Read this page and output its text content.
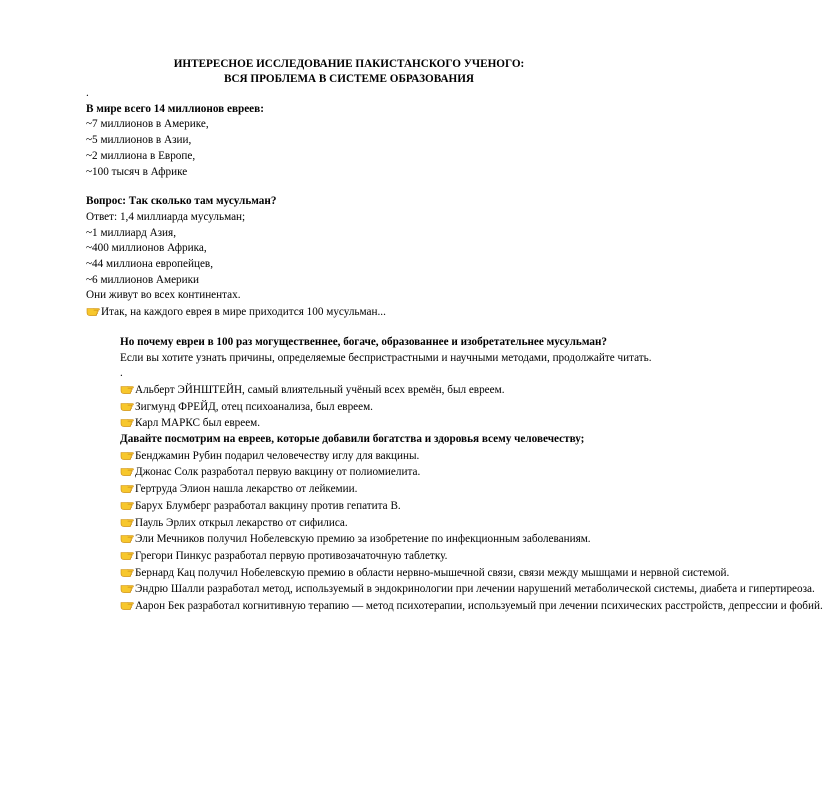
ИНТЕРЕСНОЕ ИССЛЕДОВАНИЕ ПАКИСТАНСКОГО УЧЕНОГО:
ВСЯ ПРОБЛЕМА В СИСТЕМЕ ОБРАЗОВАНИЯ
.
В мире всего 14 миллионов евреев:
~7 миллионов в Америке,
~5 миллионов в Азии,
~2 миллиона в Европе,
~100 тысяч в Африке
Вопрос: Так сколько там мусульман?
Ответ: 1,4 миллиарда мусульман;
~1 миллиард Азия,
~400 миллионов Африка,
~44 миллиона европейцев,
~6 миллионов Америки
Они живут во всех континентах.
Итак, на каждого еврея в мире приходится 100 мусульман...
Но почему евреи в 100 раз могущественнее, богаче, образованнее и изобретательнее мусульман?
Если вы хотите узнать причины, определяемые беспристрастными и научными методами, продолжайте читать.
.
Альберт ЭЙНШТЕЙН, самый влиятельный учёный всех времён, был евреем.
Зигмунд ФРЕЙД, отец психоанализа, был евреем.
Карл МАРКС был евреем.
Давайте посмотрим на евреев, которые добавили богатства и здоровья всему человечеству;
Бенджамин Рубин подарил человечеству иглу для вакцины.
Джонас Солк разработал первую вакцину от полиомиелита.
Гертруда Элион нашла лекарство от лейкемии.
Барух Блумберг разработал вакцину против гепатита B.
Пауль Эрлих открыл лекарство от сифилиса.
Эли Мечников получил Нобелевскую премию за изобретение по инфекционным заболеваниям.
Грегори Пинкус разработал первую противозачаточную таблетку.
Бернард Кац получил Нобелевскую премию в области нервно-мышечной связи, связи между мышцами и нервной системой.
Эндрю Шалли разработал метод, используемый в эндокринологии при лечении нарушений метаболической системы, диабета и гипертиреоза.
Аарон Бек разработал когнитивную терапию — метод психотерапии, используемый при лечении психических расстройств, депрессии и фобий.
